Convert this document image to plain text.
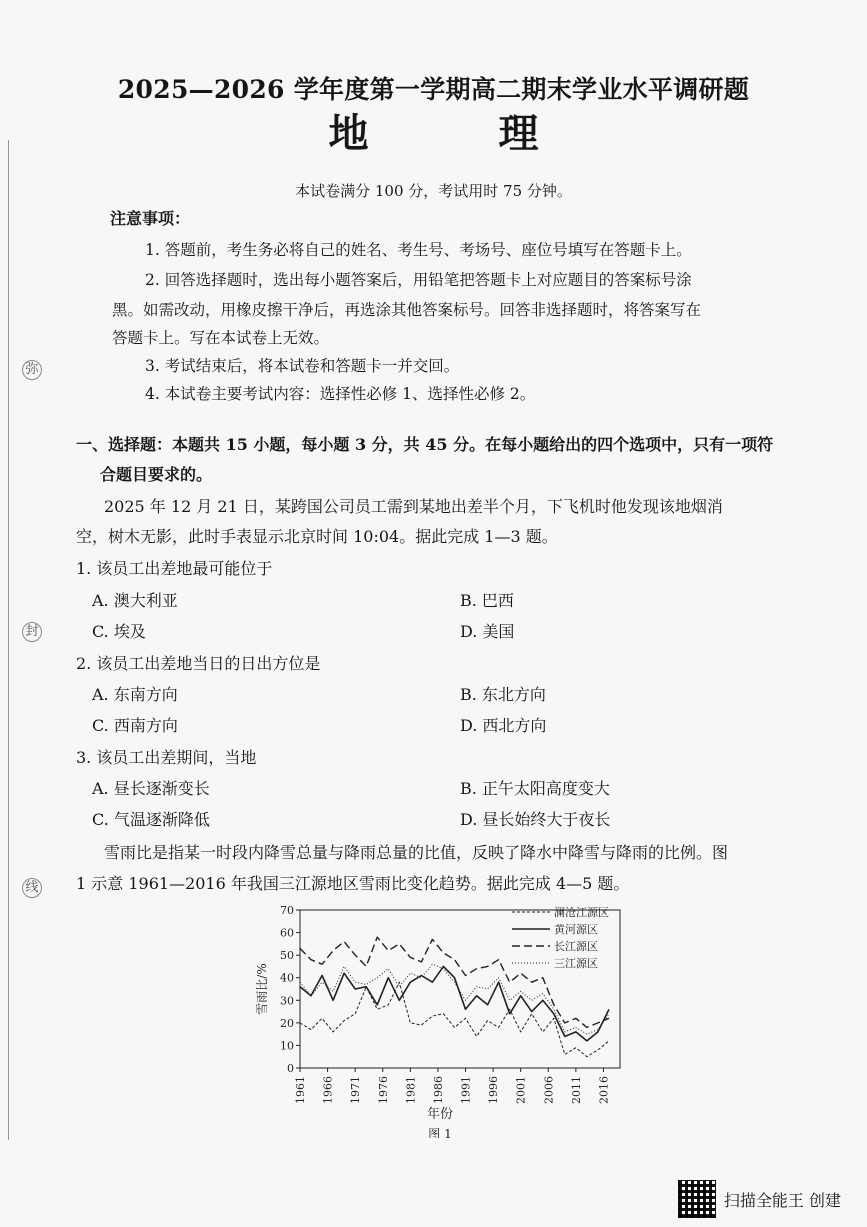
弥
封
线
2025—2026 学年度第一学期高二期末学业水平调研题
地 理
本试卷满分 100 分，考试用时 75 分钟。
注意事项：
1. 答题前，考生务必将自己的姓名、考生号、考场号、座位号填写在答题卡上。
2. 回答选择题时，选出每小题答案后，用铅笔把答题卡上对应题目的答案标号涂
黑。如需改动，用橡皮擦干净后，再选涂其他答案标号。回答非选择题时，将答案写在
答题卡上。写在本试卷上无效。
3. 考试结束后，将本试卷和答题卡一并交回。
4. 本试卷主要考试内容：选择性必修 1、选择性必修 2。
一、选择题：本题共 15 小题，每小题 3 分，共 45 分。在每小题给出的四个选项中，只有一项符
合题目要求的。
2025 年 12 月 21 日，某跨国公司员工需到某地出差半个月，下飞机时他发现该地烟消
空，树木无影，此时手表显示北京时间 10:04。据此完成 1—3 题。
1. 该员工出差地最可能位于
A. 澳大利亚	B. 巴西
C. 埃及	D. 美国
2. 该员工出差地当日的日出方位是
A. 东南方向	B. 东北方向
C. 西南方向	D. 西北方向
3. 该员工出差期间，当地
A. 昼长逐渐变长	B. 正午太阳高度变大
C. 气温逐渐降低	D. 昼长始终大于夜长
雪雨比是指某一时段内降雪总量与降雨总量的比值，反映了降水中降雪与降雨的比例。图
1 示意 1961—2016 年我国三江源地区雪雨比变化趋势。据此完成 4—5 题。
0
10
20
30
40
50
60
70
1961 1966 1971 1976 1981 1986 1991 1996 2001 2006 2011 2016
雪雨比/%
年份
图 1
澜沧江源区
黄河源区
长江源区
三江源区
扫描全能王 创建
